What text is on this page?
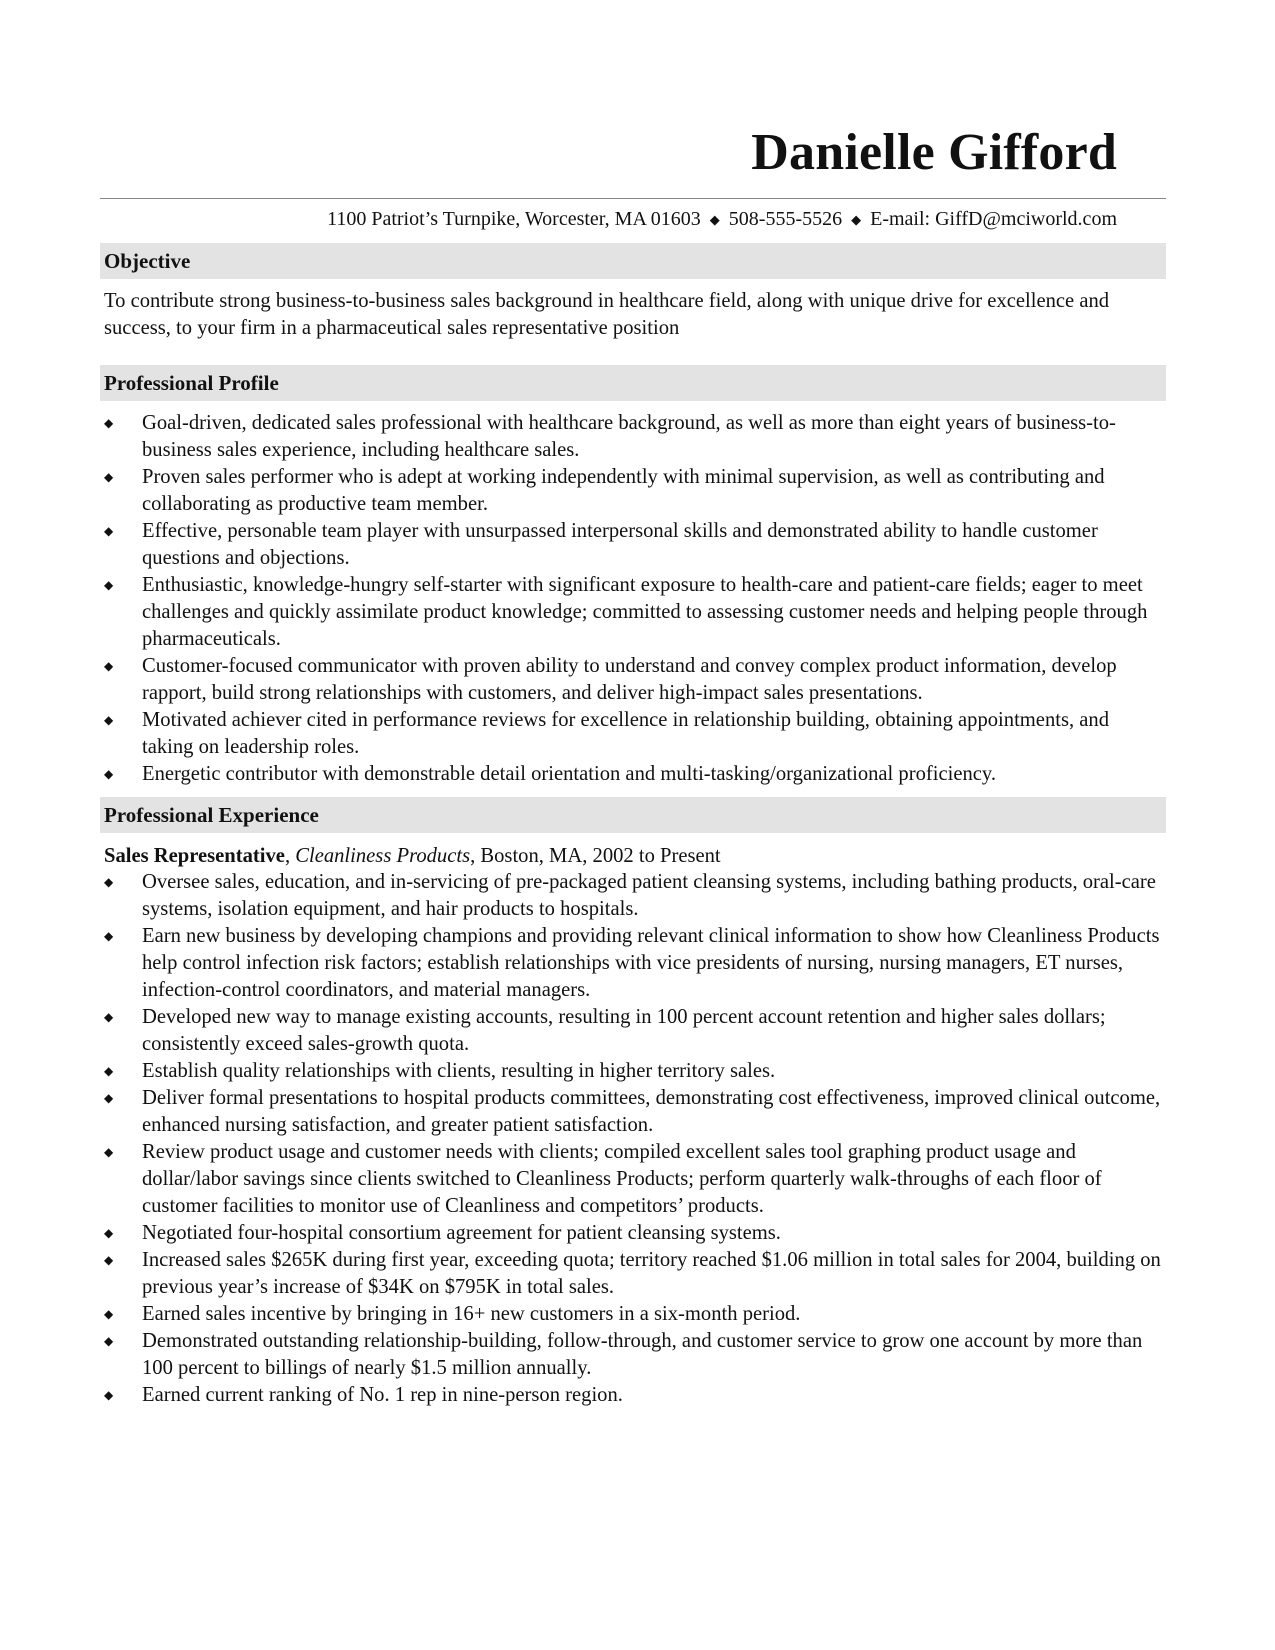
Danielle Gifford
1100 Patriot’s Turnpike, Worcester, MA 01603 ◆ 508-555-5526 ◆ E-mail: GiffD@mciworld.com
Objective
To contribute strong business-to-business sales background in healthcare field, along with unique drive for excellence and success, to your firm in a pharmaceutical sales representative position
Professional Profile
◆ Goal-driven, dedicated sales professional with healthcare background, as well as more than eight years of business-to-business sales experience, including healthcare sales.
◆ Proven sales performer who is adept at working independently with minimal supervision, as well as contributing and collaborating as productive team member.
◆ Effective, personable team player with unsurpassed interpersonal skills and demonstrated ability to handle customer questions and objections.
◆ Enthusiastic, knowledge-hungry self-starter with significant exposure to health-care and patient-care fields; eager to meet challenges and quickly assimilate product knowledge; committed to assessing customer needs and helping people through pharmaceuticals.
◆ Customer-focused communicator with proven ability to understand and convey complex product information, develop rapport, build strong relationships with customers, and deliver high-impact sales presentations.
◆ Motivated achiever cited in performance reviews for excellence in relationship building, obtaining appointments, and taking on leadership roles.
◆ Energetic contributor with demonstrable detail orientation and multi-tasking/organizational proficiency.
Professional Experience
Sales Representative, Cleanliness Products, Boston, MA, 2002 to Present
◆ Oversee sales, education, and in-servicing of pre-packaged patient cleansing systems, including bathing products, oral-care systems, isolation equipment, and hair products to hospitals.
◆ Earn new business by developing champions and providing relevant clinical information to show how Cleanliness Products help control infection risk factors; establish relationships with vice presidents of nursing, nursing managers, ET nurses, infection-control coordinators, and material managers.
◆ Developed new way to manage existing accounts, resulting in 100 percent account retention and higher sales dollars; consistently exceed sales-growth quota.
◆ Establish quality relationships with clients, resulting in higher territory sales.
◆ Deliver formal presentations to hospital products committees, demonstrating cost effectiveness, improved clinical outcome, enhanced nursing satisfaction, and greater patient satisfaction.
◆ Review product usage and customer needs with clients; compiled excellent sales tool graphing product usage and dollar/labor savings since clients switched to Cleanliness Products; perform quarterly walk-throughs of each floor of customer facilities to monitor use of Cleanliness and competitors’ products.
◆ Negotiated four-hospital consortium agreement for patient cleansing systems.
◆ Increased sales $265K during first year, exceeding quota; territory reached $1.06 million in total sales for 2004, building on previous year’s increase of $34K on $795K in total sales.
◆ Earned sales incentive by bringing in 16+ new customers in a six-month period.
◆ Demonstrated outstanding relationship-building, follow-through, and customer service to grow one account by more than 100 percent to billings of nearly $1.5 million annually.
◆ Earned current ranking of No. 1 rep in nine-person region.
